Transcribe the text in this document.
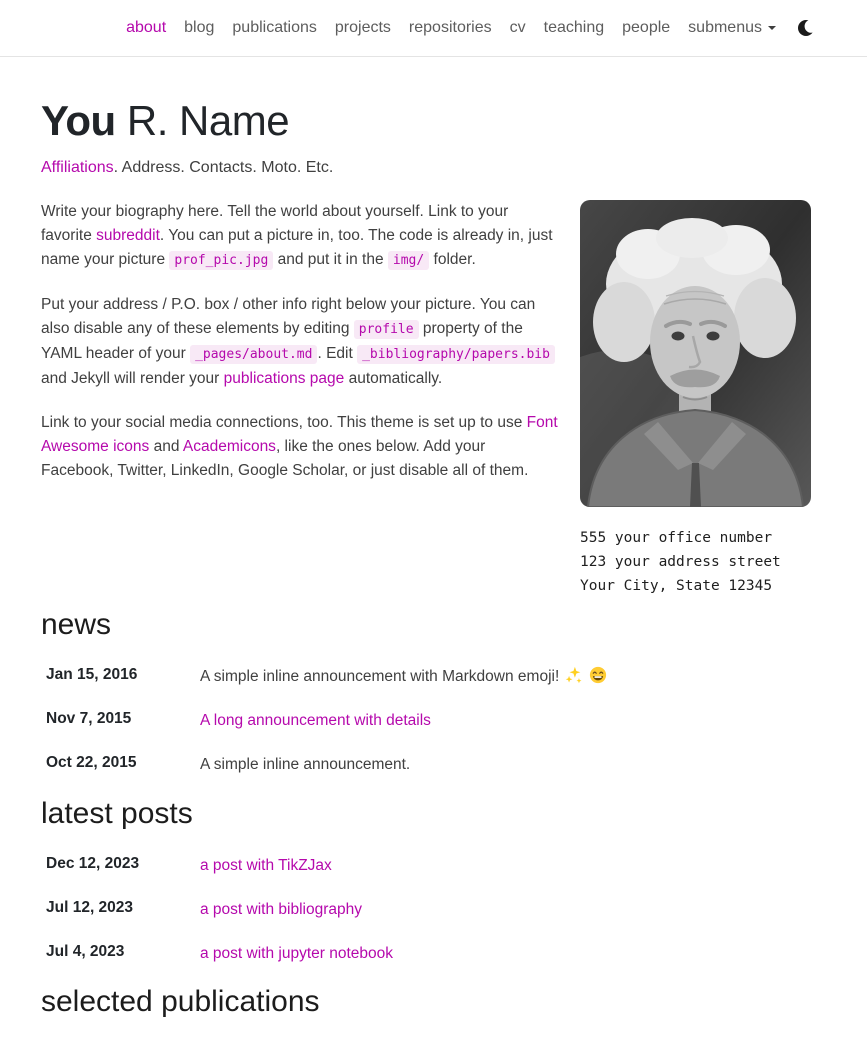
about	blog	publications	projects	repositories	cv	teaching	people	submenus
You R. Name

Affiliations. Address. Contacts. Moto. Etc.

555 your office number
123 your address street
Your City, State 12345

Write your biography here. Tell the world about yourself. Link to your favorite subreddit. You can put a picture in, too. The code is already in, just name your picture prof_pic.jpg and put it in the img/ folder.

Put your address / P.O. box / other info right below your picture. You can also disable any of these elements by editing profile property of the YAML header of your _pages/about.md . Edit _bibliography/papers.bib and Jekyll will render your publications page automatically.

Link to your social media connections, too. This theme is set up to use Font Awesome icons and Academicons, like the ones below. Add your Facebook, Twitter, LinkedIn, Google Scholar, or just disable all of them.

news
Jan 15, 2016	A simple inline announcement with Markdown emoji!

Nov 7, 2015	A long announcement with details
Oct 22, 2015	A simple inline announcement.
latest posts
Dec 12, 2023	a post with TikZJax
Jul 12, 2023	a post with bibliography
Jul 4, 2023	a post with jupyter notebook
selected publications
